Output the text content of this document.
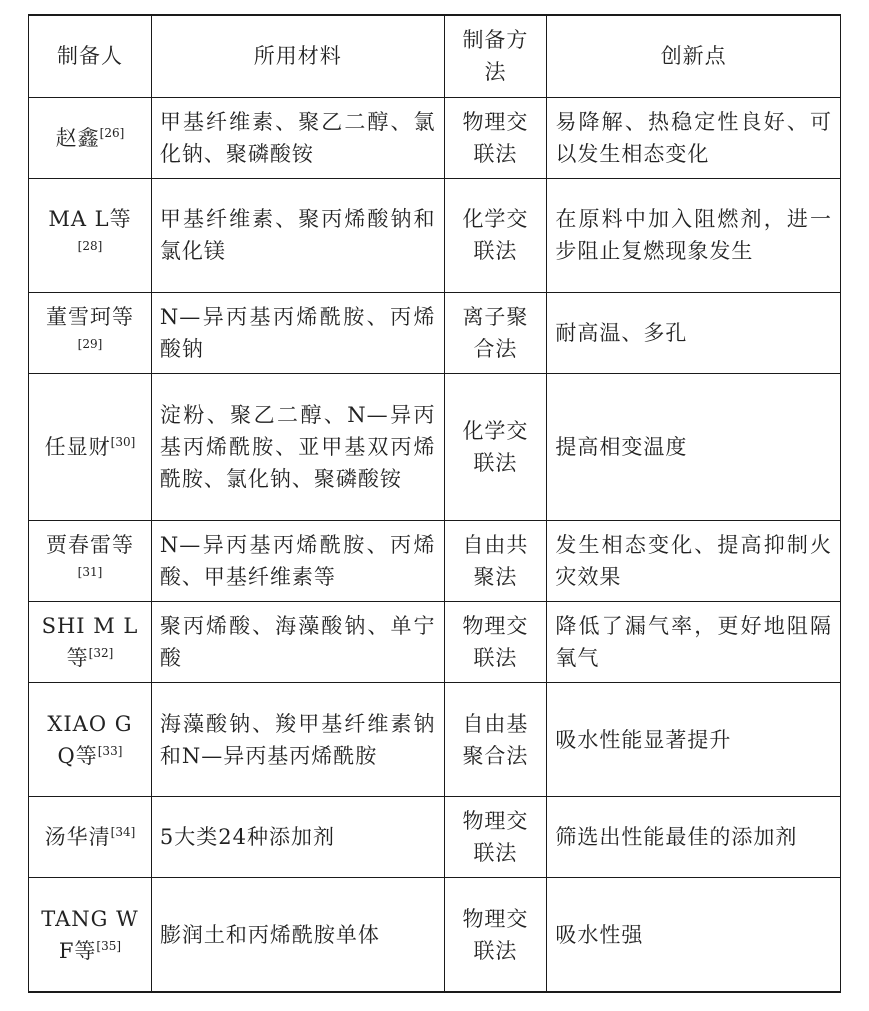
制备人	所用材料	制备方法	创新点
赵鑫[26]	甲基纤维素、聚乙二醇、氯化钠、聚磷酸铵	物理交联法	易降解、热稳定性良好、可以发生相态变化
MA L等[28]	甲基纤维素、聚丙烯酸钠和氯化镁	化学交联法	在原料中加入阻燃剂，进一步阻止复燃现象发生
董雪珂等[29]	N—异丙基丙烯酰胺、丙烯酸钠	离子聚合法	耐高温、多孔
任显财[30]	淀粉、聚乙二醇、N—异丙基丙烯酰胺、亚甲基双丙烯酰胺、氯化钠、聚磷酸铵	化学交联法	提高相变温度
贾春雷等[31]	N—异丙基丙烯酰胺、丙烯酸、甲基纤维素等	自由共聚法	发生相态变化、提高抑制火灾效果
SHI M L等[32]	聚丙烯酸、海藻酸钠、单宁酸	物理交联法	降低了漏气率，更好地阻隔氧气
XIAO G Q等[33]	海藻酸钠、羧甲基纤维素钠和N—异丙基丙烯酰胺	自由基聚合法	吸水性能显著提升
汤华清[34]	5大类24种添加剂	物理交联法	筛选出性能最佳的添加剂
TANG W F等[35]	膨润土和丙烯酰胺单体	物理交联法	吸水性强
